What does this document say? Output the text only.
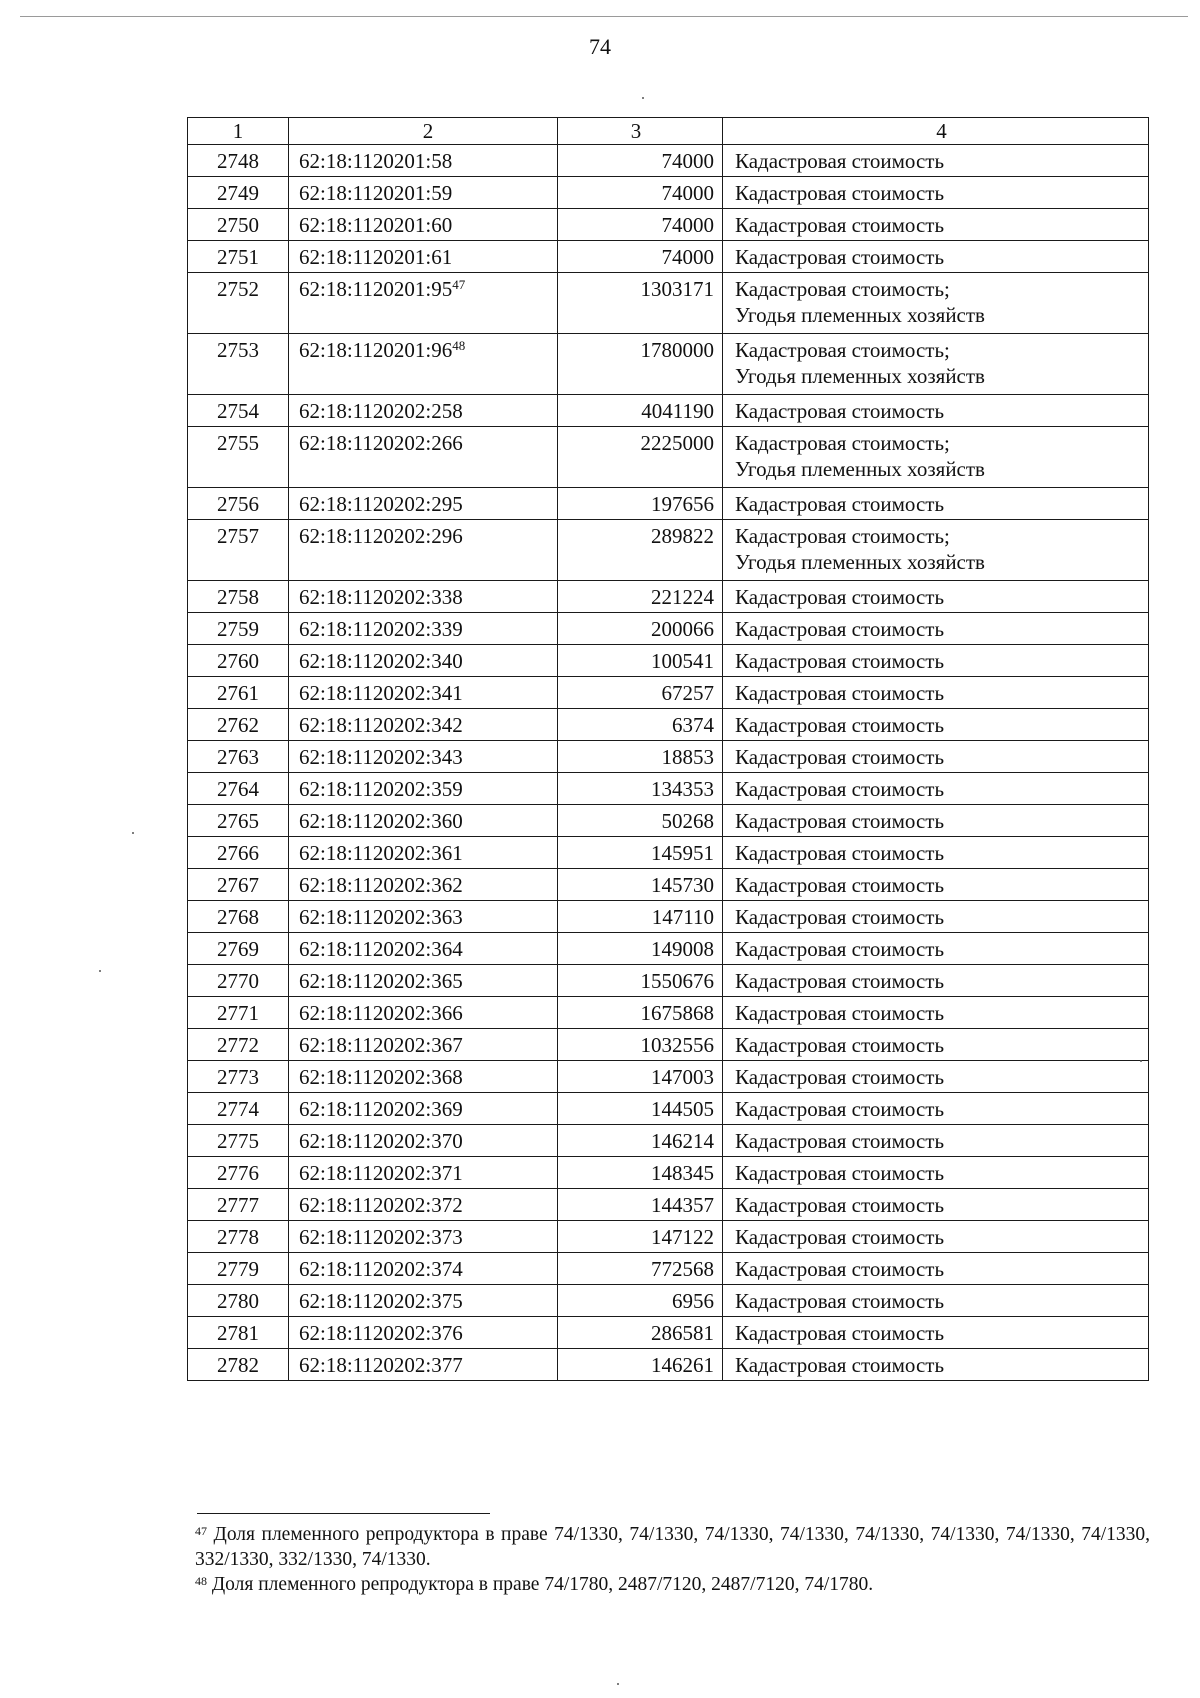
74
1	2	3	4

2748	62:18:1120201:58	74000	Кадастровая стоимость

2749	62:18:1120201:59	74000	Кадастровая стоимость

2750	62:18:1120201:60	74000	Кадастровая стоимость

2751	62:18:1120201:61	74000	Кадастровая стоимость

2752	$62:18:1120201:95^{47}$	1303171	Кадастровая стоимость;
Угодья племенных хозяйств

2753	$62:18:1120201:96^{48}$	1780000	Кадастровая стоимость;
Угодья племенных хозяйств

2754	62:18:1120202:258	4041190	Кадастровая стоимость

2755	62:18:1120202:266	2225000	Кадастровая стоимость;
Угодья племенных хозяйств

2756	62:18:1120202:295	197656	Кадастровая стоимость

2757	62:18:1120202:296	289822	Кадастровая стоимость;
Угодья племенных хозяйств

2758	62:18:1120202:338	221224	Кадастровая стоимость

2759	62:18:1120202:339	200066	Кадастровая стоимость

2760	62:18:1120202:340	100541	Кадастровая стоимость

2761	62:18:1120202:341	67257	Кадастровая стоимость

2762	62:18:1120202:342	6374	Кадастровая стоимость

2763	62:18:1120202:343	18853	Кадастровая стоимость

2764	62:18:1120202:359	134353	Кадастровая стоимость

2765	62:18:1120202:360	50268	Кадастровая стоимость

2766	62:18:1120202:361	145951	Кадастровая стоимость

2767	62:18:1120202:362	145730	Кадастровая стоимость

2768	62:18:1120202:363	147110	Кадастровая стоимость

2769	62:18:1120202:364	149008	Кадастровая стоимость

2770	62:18:1120202:365	1550676	Кадастровая стоимость

2771	62:18:1120202:366	1675868	Кадастровая стоимость

2772	62:18:1120202:367	1032556	Кадастровая стоимость

2773	62:18:1120202:368	147003	Кадастровая стоимость

2774	62:18:1120202:369	144505	Кадастровая стоимость

2775	62:18:1120202:370	146214	Кадастровая стоимость

2776	62:18:1120202:371	148345	Кадастровая стоимость

2777	62:18:1120202:372	144357	Кадастровая стоимость

2778	62:18:1120202:373	147122	Кадастровая стоимость

2779	62:18:1120202:374	772568	Кадастровая стоимость

2780	62:18:1120202:375	6956	Кадастровая стоимость

2781	62:18:1120202:376	286581	Кадастровая стоимость

2782	62:18:1120202:377	146261	Кадастровая стоимость

$^{47}$ Доля племенного репродуктора в праве 74/1330, 74/1330, 74/1330, 74/1330, 74/1330, 74/1330, 74/1330, 74/1330, 332/1330, 332/1330, 74/1330.

$^{48}$ Доля племенного репродуктора в праве 74/1780, 2487/7120, 2487/7120, 74/1780.
